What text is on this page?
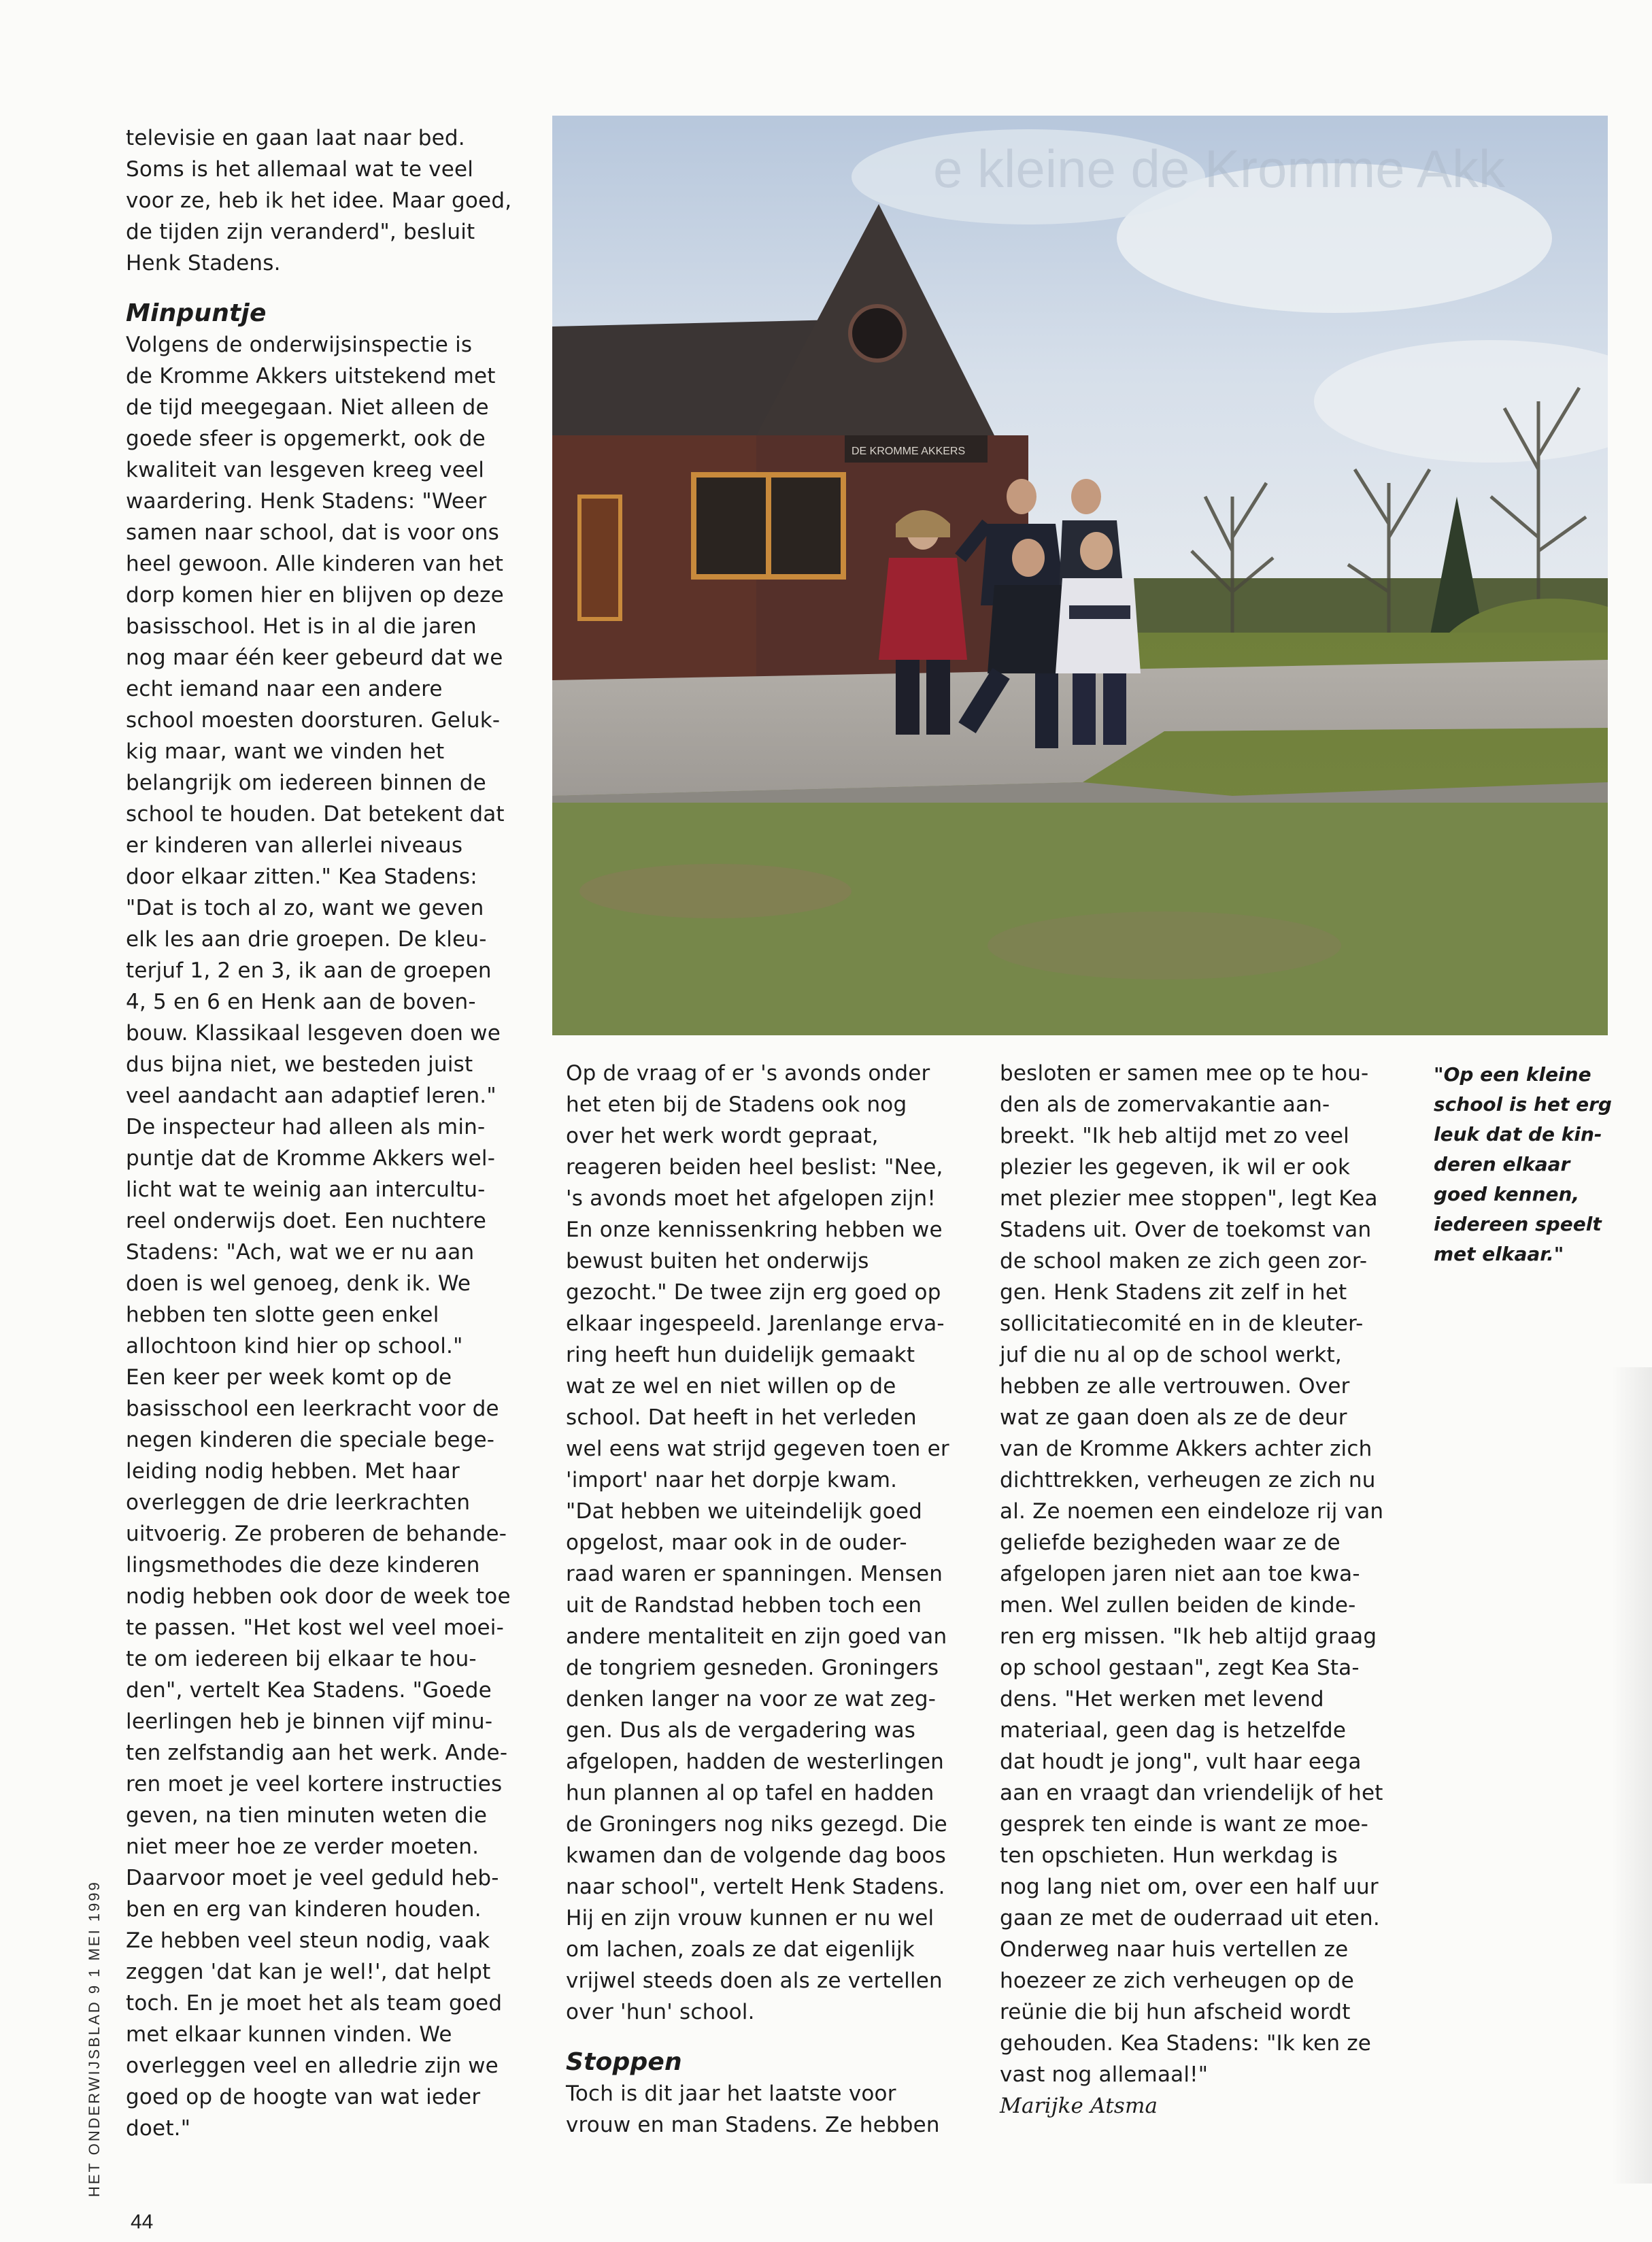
televisie en gaan laat naar bed.
Soms is het allemaal wat te veel
voor ze, heb ik het idee. Maar goed,
de tijden zijn veranderd", besluit
Henk Stadens.
Minpuntje
Volgens de onderwijsinspectie is
de Kromme Akkers uitstekend met
de tijd meegegaan. Niet alleen de
goede sfeer is opgemerkt, ook de
kwaliteit van lesgeven kreeg veel
waardering. Henk Stadens: "Weer
samen naar school, dat is voor ons
heel gewoon. Alle kinderen van het
dorp komen hier en blijven op deze
basisschool. Het is in al die jaren
nog maar één keer gebeurd dat we
echt iemand naar een andere
school moesten doorsturen. Geluk-
kig maar, want we vinden het
belangrijk om iedereen binnen de
school te houden. Dat betekent dat
er kinderen van allerlei niveaus
door elkaar zitten." Kea Stadens:
"Dat is toch al zo, want we geven
elk les aan drie groepen. De kleu-
terjuf 1, 2 en 3, ik aan de groepen
4, 5 en 6 en Henk aan de boven-
bouw. Klassikaal lesgeven doen we
dus bijna niet, we besteden juist
veel aandacht aan adaptief leren."
De inspecteur had alleen als min-
puntje dat de Kromme Akkers wel-
licht wat te weinig aan intercultu-
reel onderwijs doet. Een nuchtere
Stadens: "Ach, wat we er nu aan
doen is wel genoeg, denk ik. We
hebben ten slotte geen enkel
allochtoon kind hier op school."
Een keer per week komt op de
basisschool een leerkracht voor de
negen kinderen die speciale bege-
leiding nodig hebben. Met haar
overleggen de drie leerkrachten
uitvoerig. Ze proberen de behande-
lingsmethodes die deze kinderen
nodig hebben ook door de week toe
te passen. "Het kost wel veel moei-
te om iedereen bij elkaar te hou-
den", vertelt Kea Stadens. "Goede
leerlingen heb je binnen vijf minu-
ten zelfstandig aan het werk. Ande-
ren moet je veel kortere instructies
geven, na tien minuten weten die
niet meer hoe ze verder moeten.
Daarvoor moet je veel geduld heb-
ben en erg van kinderen houden.
Ze hebben veel steun nodig, vaak
zeggen 'dat kan je wel!', dat helpt
toch. En je moet het als team goed
met elkaar kunnen vinden. We
overleggen veel en alledrie zijn we
goed op de hoogte van wat ieder
doet."
e kleine de Kromme Akk
DE KROMME AKKERS
Op de vraag of er 's avonds onder
het eten bij de Stadens ook nog
over het werk wordt gepraat,
reageren beiden heel beslist: "Nee,
's avonds moet het afgelopen zijn!
En onze kennissenkring hebben we
bewust buiten het onderwijs
gezocht." De twee zijn erg goed op
elkaar ingespeeld. Jarenlange erva-
ring heeft hun duidelijk gemaakt
wat ze wel en niet willen op de
school. Dat heeft in het verleden
wel eens wat strijd gegeven toen er
'import' naar het dorpje kwam.
"Dat hebben we uiteindelijk goed
opgelost, maar ook in de ouder-
raad waren er spanningen. Mensen
uit de Randstad hebben toch een
andere mentaliteit en zijn goed van
de tongriem gesneden. Groningers
denken langer na voor ze wat zeg-
gen. Dus als de vergadering was
afgelopen, hadden de westerlingen
hun plannen al op tafel en hadden
de Groningers nog niks gezegd. Die
kwamen dan de volgende dag boos
naar school", vertelt Henk Stadens.
Hij en zijn vrouw kunnen er nu wel
om lachen, zoals ze dat eigenlijk
vrijwel steeds doen als ze vertellen
over 'hun' school.
Stoppen
Toch is dit jaar het laatste voor
vrouw en man Stadens. Ze hebben
besloten er samen mee op te hou-
den als de zomervakantie aan-
breekt. "Ik heb altijd met zo veel
plezier les gegeven, ik wil er ook
met plezier mee stoppen", legt Kea
Stadens uit. Over de toekomst van
de school maken ze zich geen zor-
gen. Henk Stadens zit zelf in het
sollicitatiecomité en in de kleuter-
juf die nu al op de school werkt,
hebben ze alle vertrouwen. Over
wat ze gaan doen als ze de deur
van de Kromme Akkers achter zich
dichttrekken, verheugen ze zich nu
al. Ze noemen een eindeloze rij van
geliefde bezigheden waar ze de
afgelopen jaren niet aan toe kwa-
men. Wel zullen beiden de kinde-
ren erg missen. "Ik heb altijd graag
op school gestaan", zegt Kea Sta-
dens. "Het werken met levend
materiaal, geen dag is hetzelfde
dat houdt je jong", vult haar eega
aan en vraagt dan vriendelijk of het
gesprek ten einde is want ze moe-
ten opschieten. Hun werkdag is
nog lang niet om, over een half uur
gaan ze met de ouderraad uit eten.
Onderweg naar huis vertellen ze
hoezeer ze zich verheugen op de
reünie die bij hun afscheid wordt
gehouden. Kea Stadens: "Ik ken ze
vast nog allemaal!"
Marijke Atsma
"Op een kleine
school is het erg
leuk dat de kin-
deren elkaar
goed kennen,
iedereen speelt
met elkaar."
HET ONDERWIJSBLAD 9 1 MEI 1999
44
